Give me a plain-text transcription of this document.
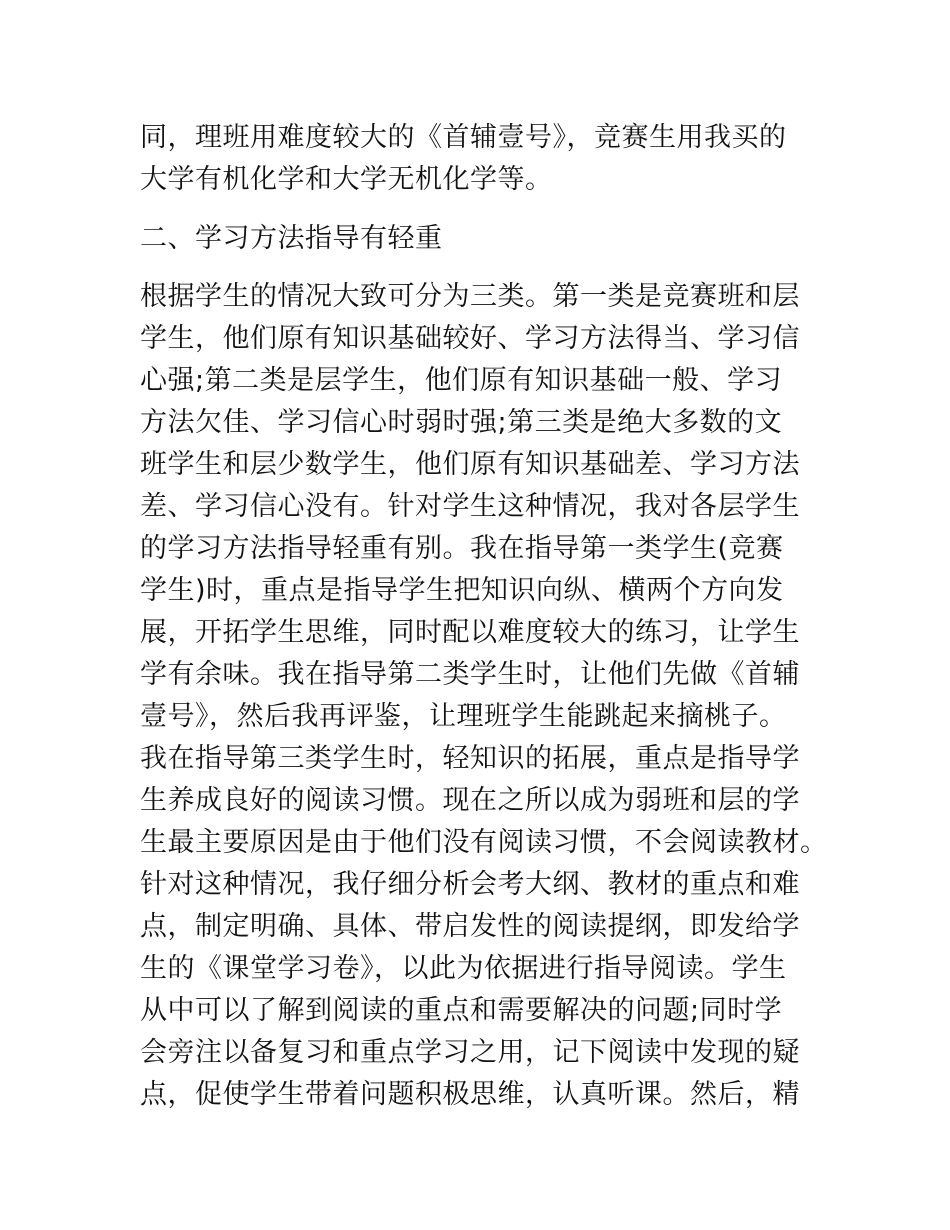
同，理班用难度较大的《首辅壹号》，竞赛生用我买的
大学有机化学和大学无机化学等。
二、学习方法指导有轻重
根据学生的情况大致可分为三类。第一类是竞赛班和层
学生，他们原有知识基础较好、学习方法得当、学习信
心强;第二类是层学生，他们原有知识基础一般、学习
方法欠佳、学习信心时弱时强;第三类是绝大多数的文
班学生和层少数学生，他们原有知识基础差、学习方法
差、学习信心没有。针对学生这种情况，我对各层学生
的学习方法指导轻重有别。我在指导第一类学生(竞赛
学生)时，重点是指导学生把知识向纵、横两个方向发
展，开拓学生思维，同时配以难度较大的练习，让学生
学有余味。我在指导第二类学生时，让他们先做《首辅
壹号》，然后我再评鉴，让理班学生能跳起来摘桃子。
我在指导第三类学生时，轻知识的拓展，重点是指导学
生养成良好的阅读习惯。现在之所以成为弱班和层的学
生最主要原因是由于他们没有阅读习惯，不会阅读教材。
针对这种情况，我仔细分析会考大纲、教材的重点和难
点，制定明确、具体、带启发性的阅读提纲，即发给学
生的《课堂学习卷》，以此为依据进行指导阅读。学生
从中可以了解到阅读的重点和需要解决的问题;同时学
会旁注以备复习和重点学习之用，记下阅读中发现的疑
点，促使学生带着问题积极思维，认真听课。然后，精
